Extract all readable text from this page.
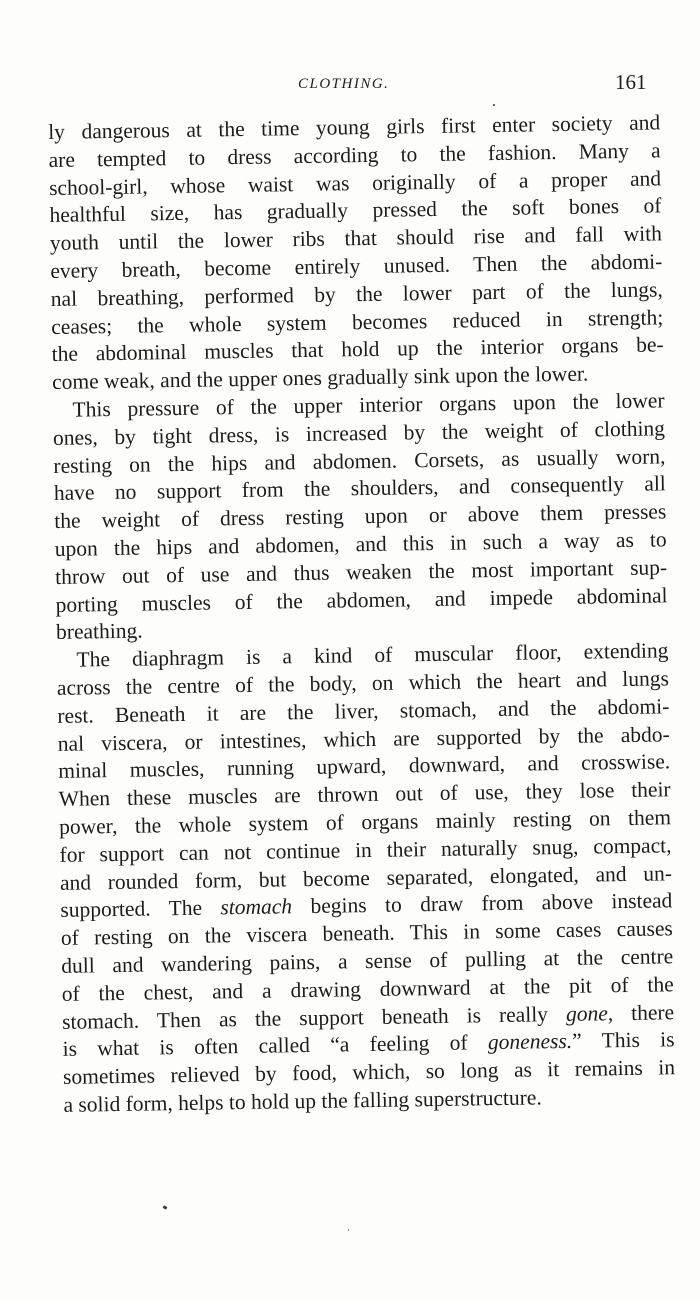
CLOTHING.	161
ly dangerous at the time young girls first enter society and
are tempted to dress according to the fashion. Many a
school-girl, whose waist was originally of a proper and
healthful size, has gradually pressed the soft bones of
youth until the lower ribs that should rise and fall with
every breath, become entirely unused. Then the abdomi-
nal breathing, performed by the lower part of the lungs,
ceases; the whole system becomes reduced in strength;
the abdominal muscles that hold up the interior organs be-
come weak, and the upper ones gradually sink upon the lower.
This pressure of the upper interior organs upon the lower
ones, by tight dress, is increased by the weight of clothing
resting on the hips and abdomen. Corsets, as usually worn,
have no support from the shoulders, and consequently all
the weight of dress resting upon or above them presses
upon the hips and abdomen, and this in such a way as to
throw out of use and thus weaken the most important sup-
porting muscles of the abdomen, and impede abdominal
breathing.
The diaphragm is a kind of muscular floor, extending
across the centre of the body, on which the heart and lungs
rest. Beneath it are the liver, stomach, and the abdomi-
nal viscera, or intestines, which are supported by the abdo-
minal muscles, running upward, downward, and crosswise.
When these muscles are thrown out of use, they lose their
power, the whole system of organs mainly resting on them
for support can not continue in their naturally snug, compact,
and rounded form, but become separated, elongated, and un-
supported. The stomach begins to draw from above instead
of resting on the viscera beneath. This in some cases causes
dull and wandering pains, a sense of pulling at the centre
of the chest, and a drawing downward at the pit of the
stomach. Then as the support beneath is really gone, there
is what is often called “a feeling of goneness.” This is
sometimes relieved by food, which, so long as it remains in
a solid form, helps to hold up the falling superstructure.
